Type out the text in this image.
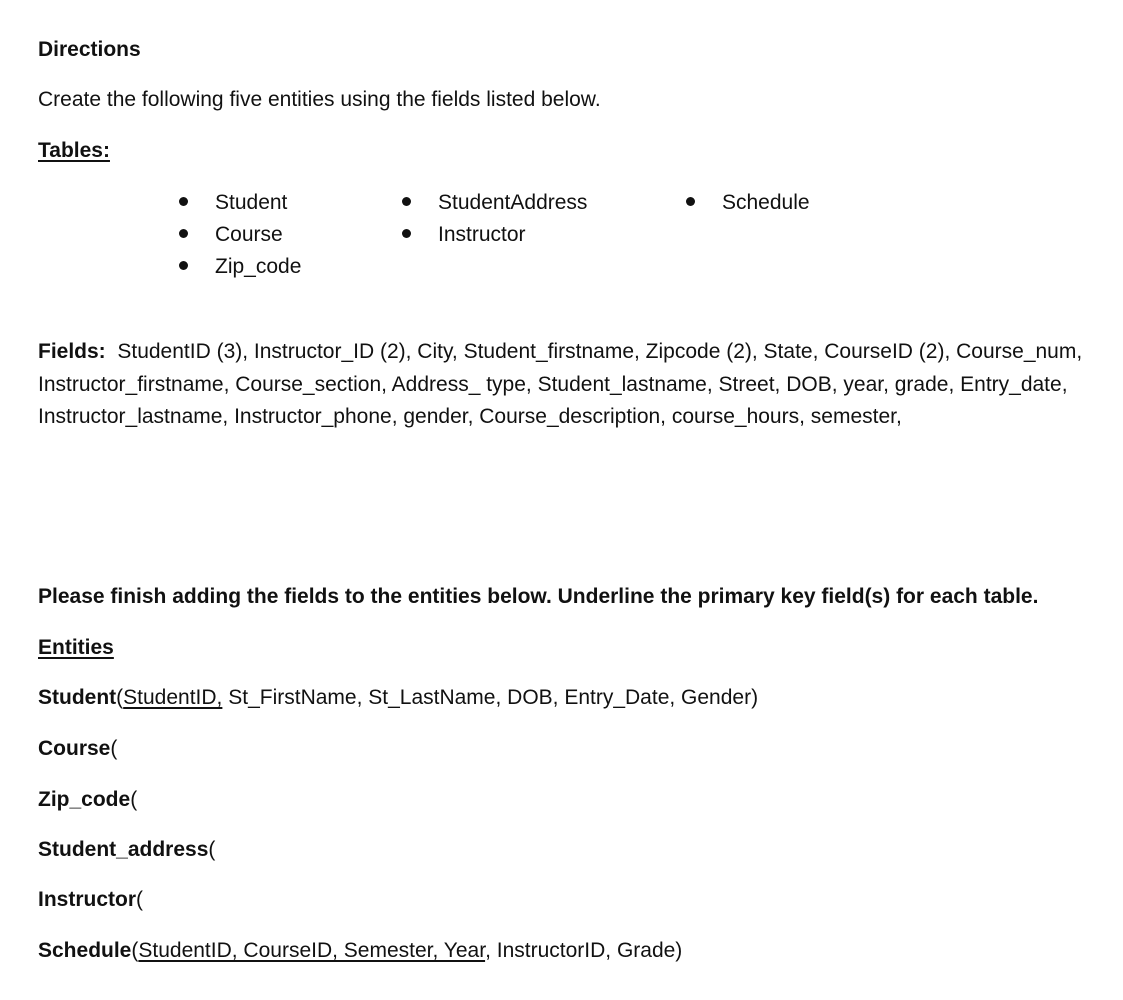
Directions
Create the following five entities using the fields listed below.
Tables:
Student
Course
Zip_code
StudentAddress
Instructor
Schedule
Fields: StudentID (3), Instructor_ID (2), City, Student_firstname, Zipcode (2), State, CourseID (2), Course_num, Instructor_firstname, Course_section, Address_ type, Student_lastname, Street, DOB, year, grade, Entry_date, Instructor_lastname, Instructor_phone, gender, Course_description, course_hours, semester,
Please finish adding the fields to the entities below. Underline the primary key field(s) for each table.
Entities
Student(StudentID, St_FirstName, St_LastName, DOB, Entry_Date, Gender)
Course(
Zip_code(
Student_address(
Instructor(
Schedule(StudentID, CourseID, Semester, Year, InstructorID, Grade)
